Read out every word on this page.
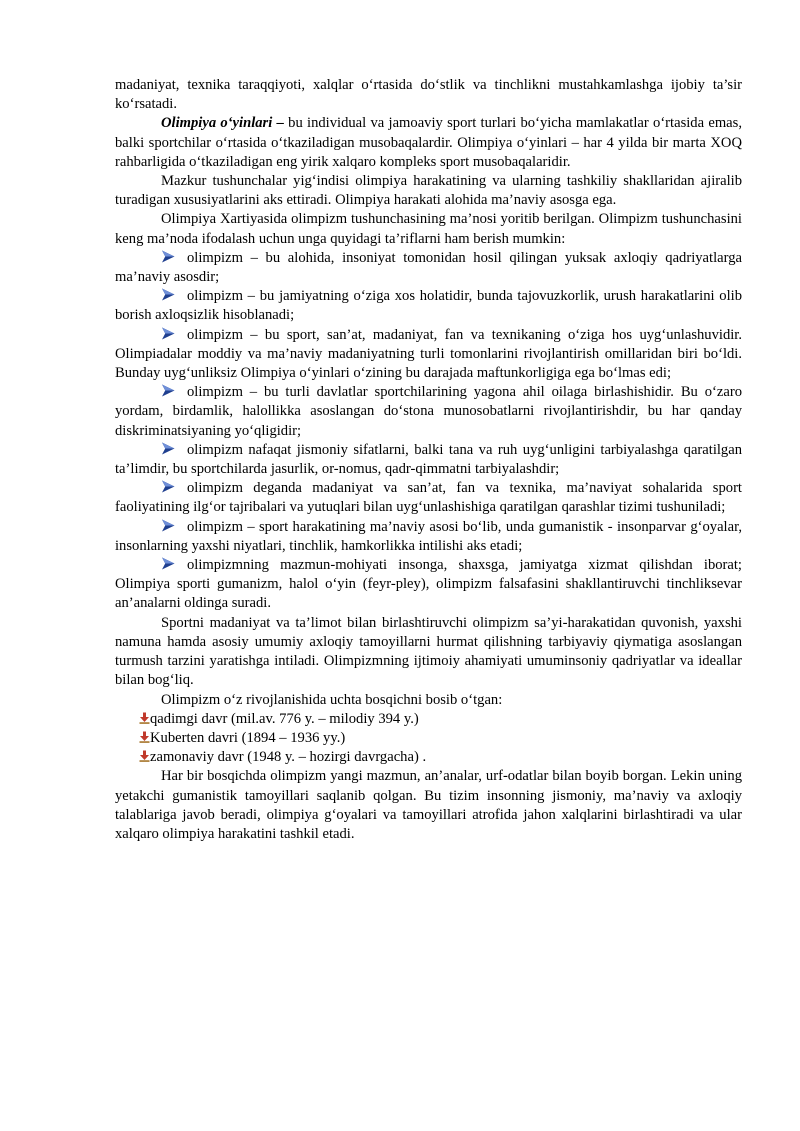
madaniyat, texnika taraqqiyoti, xalqlar o‘rtasida do‘stlik va tinchlikni mustahkamlashga ijobiy ta’sir ko‘rsatadi.

Olimpiya o‘yinlari – bu individual va jamoaviy sport turlari bo‘yicha mamlakatlar o‘rtasida emas, balki sportchilar o‘rtasida o‘tkaziladigan musobaqalardir. Olimpiya o‘yinlari – har 4 yilda bir marta XOQ rahbarligida o‘tkaziladigan eng yirik xalqaro kompleks sport musobaqalaridir.

Mazkur tushunchalar yig‘indisi olimpiya harakatining va ularning tashkiliy shakllaridan ajiralib turadigan xususiyatlarini aks ettiradi. Olimpiya harakati alohida ma’naviy asosga ega.

Olimpiya Xartiyasida olimpizm tushunchasining ma’nosi yoritib berilgan. Olimpizm tushunchasini keng ma’noda ifodalash uchun unga quyidagi ta’riflarni ham berish mumkin:

olimpizm – bu alohida, insoniyat tomonidan hosil qilingan yuksak axloqiy qadriyatlarga ma’naviy asosdir;

olimpizm – bu jamiyatning o‘ziga xos holatidir, bunda tajovuzkorlik, urush harakatlarini olib borish axloqsizlik hisoblanadi;

olimpizm – bu sport, san’at, madaniyat, fan va texnikaning o‘ziga hos uyg‘unlashuvidir. Olimpiadalar moddiy va ma’naviy madaniyatning turli tomonlarini rivojlantirish omillaridan biri bo‘ldi. Bunday uyg‘unliksiz Olimpiya o‘yinlari o‘zining bu darajada maftunkorligiga ega bo‘lmas edi;

olimpizm – bu turli davlatlar sportchilarining yagona ahil oilaga birlashishidir. Bu o‘zaro yordam, birdamlik, halollikka asoslangan do‘stona munosobatlarni rivojlantirishdir, bu har qanday diskriminatsiyaning yo‘qligidir;

olimpizm nafaqat jismoniy sifatlarni, balki tana va ruh uyg‘unligini tarbiyalashga qaratilgan ta’limdir, bu sportchilarda jasurlik, or-nomus, qadr-qimmatni tarbiyalashdir;

olimpizm deganda madaniyat va san’at, fan va texnika, ma’naviyat sohalarida sport faoliyatining ilg‘or tajribalari va yutuqlari bilan uyg‘unlashishiga qaratilgan qarashlar tizimi tushuniladi;

olimpizm – sport harakatining ma’naviy asosi bo‘lib, unda gumanistik - insonparvar g‘oyalar, insonlarning yaxshi niyatlari, tinchlik, hamkorlikka intilishi aks etadi;

olimpizmning mazmun-mohiyati insonga, shaxsga, jamiyatga xizmat qilishdan iborat; Olimpiya sporti gumanizm, halol o‘yin (feyr-pley), olimpizm falsafasini shakllantiruvchi tinchliksevar an’analarni oldinga suradi.

Sportni madaniyat va ta’limot bilan birlashtiruvchi olimpizm sa’yi-harakatidan quvonish, yaxshi namuna hamda asosiy umumiy axloqiy tamoyillarni hurmat qilishning tarbiyaviy qiymatiga asoslangan turmush tarzini yaratishga intiladi. Olimpizmning ijtimoiy ahamiyati umuminsoniy qadriyatlar va ideallar bilan bog‘liq.

Olimpizm o‘z rivojlanishida uchta bosqichni bosib o‘tgan:

qadimgi davr (mil.av. 776 y. – milodiy 394 y.)

Kuberten davri (1894 – 1936 yy.)

zamonaviy davr (1948 y. – hozirgi davrgacha) .

Har bir bosqichda olimpizm yangi mazmun, an’analar, urf-odatlar bilan boyib borgan. Lekin uning yetakchi gumanistik tamoyillari saqlanib qolgan. Bu tizim insonning jismoniy, ma’naviy va axloqiy talablariga javob beradi, olimpiya g‘oyalari va tamoyillari atrofida jahon xalqlarini birlashtiradi va ular xalqaro olimpiya harakatini tashkil etadi.
